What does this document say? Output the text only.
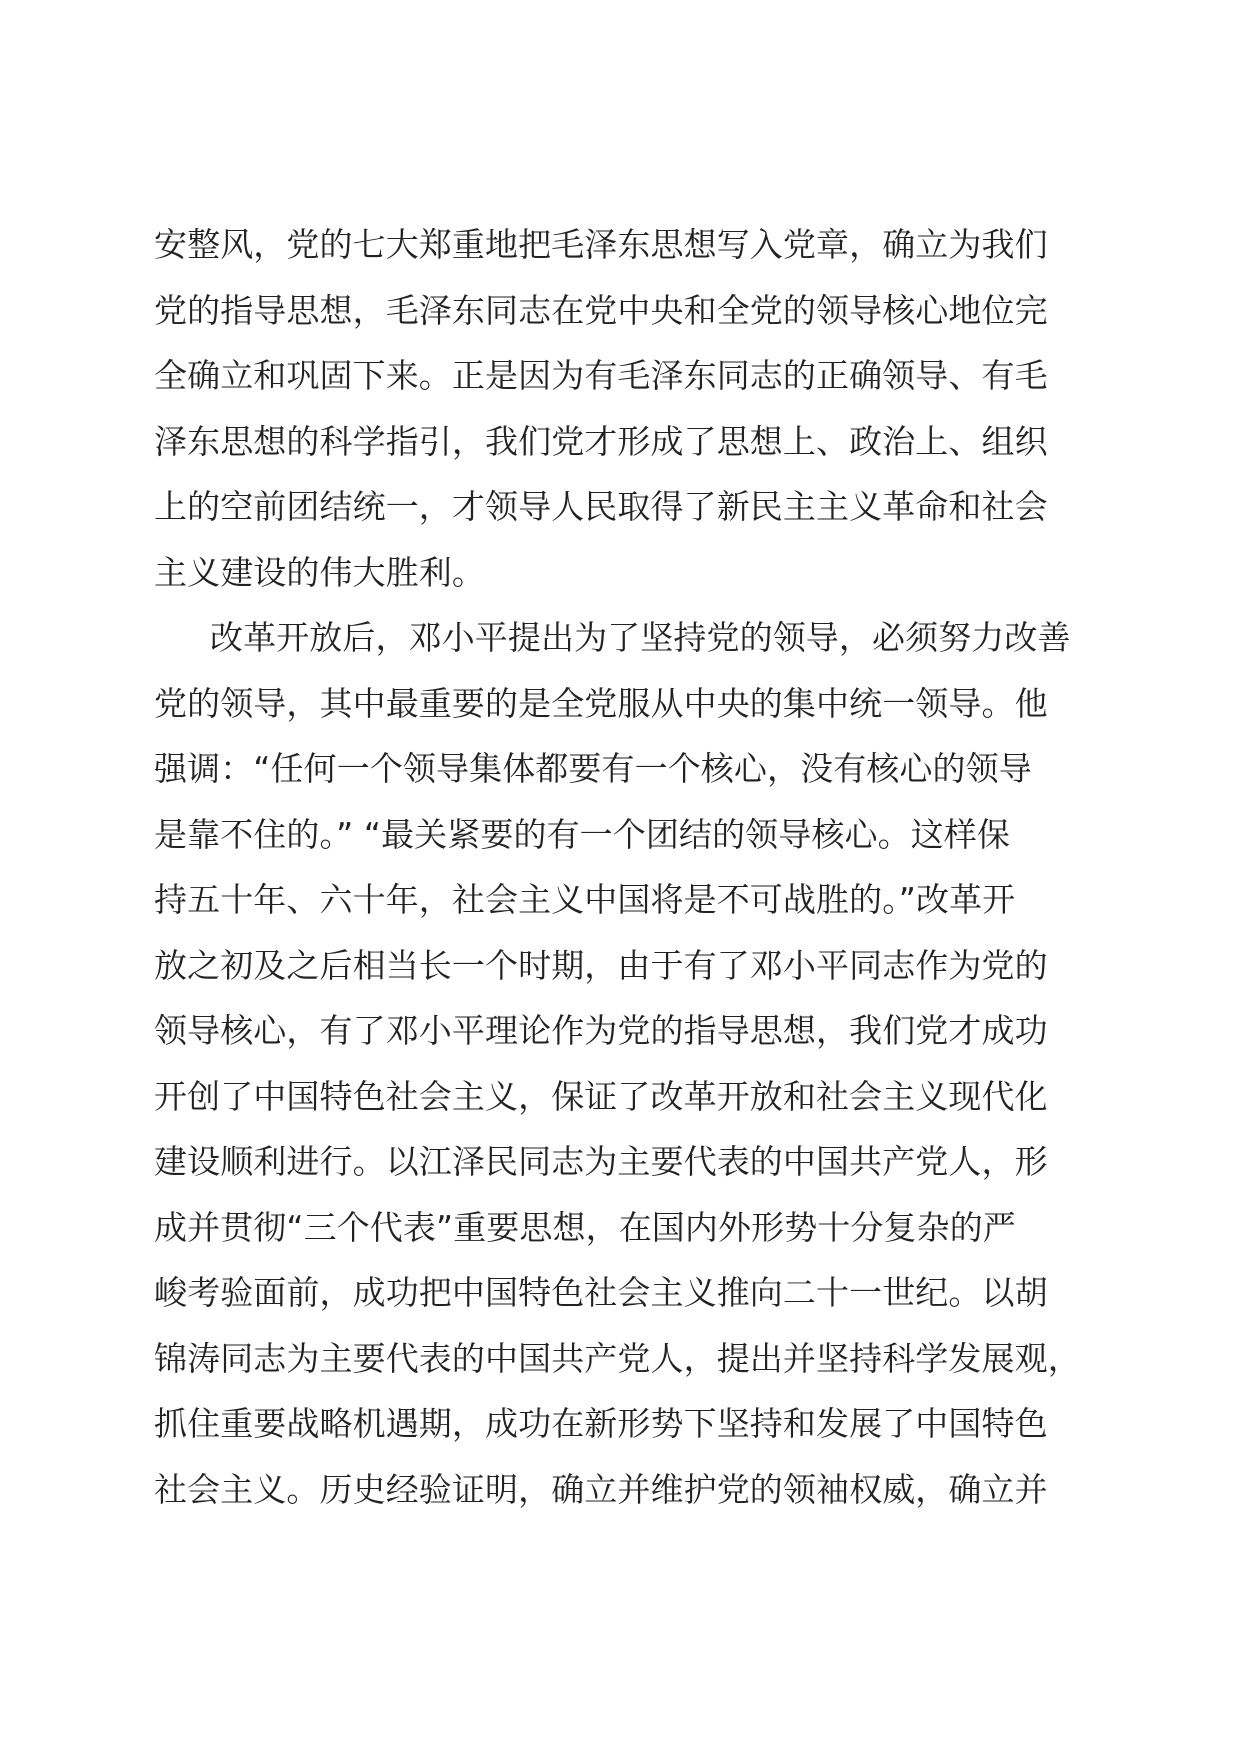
安整风，党的七大郑重地把毛泽东思想写入党章，确立为我们
党的指导思想，毛泽东同志在党中央和全党的领导核心地位完
全确立和巩固下来。正是因为有毛泽东同志的正确领导、有毛
泽东思想的科学指引，我们党才形成了思想上、政治上、组织
上的空前团结统一，才领导人民取得了新民主主义革命和社会
主义建设的伟大胜利。
改革开放后，邓小平提出为了坚持党的领导，必须努力改善
党的领导，其中最重要的是全党服从中央的集中统一领导。他
强调：“任何一个领导集体都要有一个核心，没有核心的领导
是靠不住的。” “最关紧要的有一个团结的领导核心。这样保
持五十年、六十年，社会主义中国将是不可战胜的。”改革开
放之初及之后相当长一个时期，由于有了邓小平同志作为党的
领导核心，有了邓小平理论作为党的指导思想，我们党才成功
开创了中国特色社会主义，保证了改革开放和社会主义现代化
建设顺利进行。以江泽民同志为主要代表的中国共产党人，形
成并贯彻“三个代表”重要思想，在国内外形势十分复杂的严
峻考验面前，成功把中国特色社会主义推向二十一世纪。以胡
锦涛同志为主要代表的中国共产党人，提出并坚持科学发展观，
抓住重要战略机遇期，成功在新形势下坚持和发展了中国特色
社会主义。历史经验证明，确立并维护党的领袖权威，确立并
